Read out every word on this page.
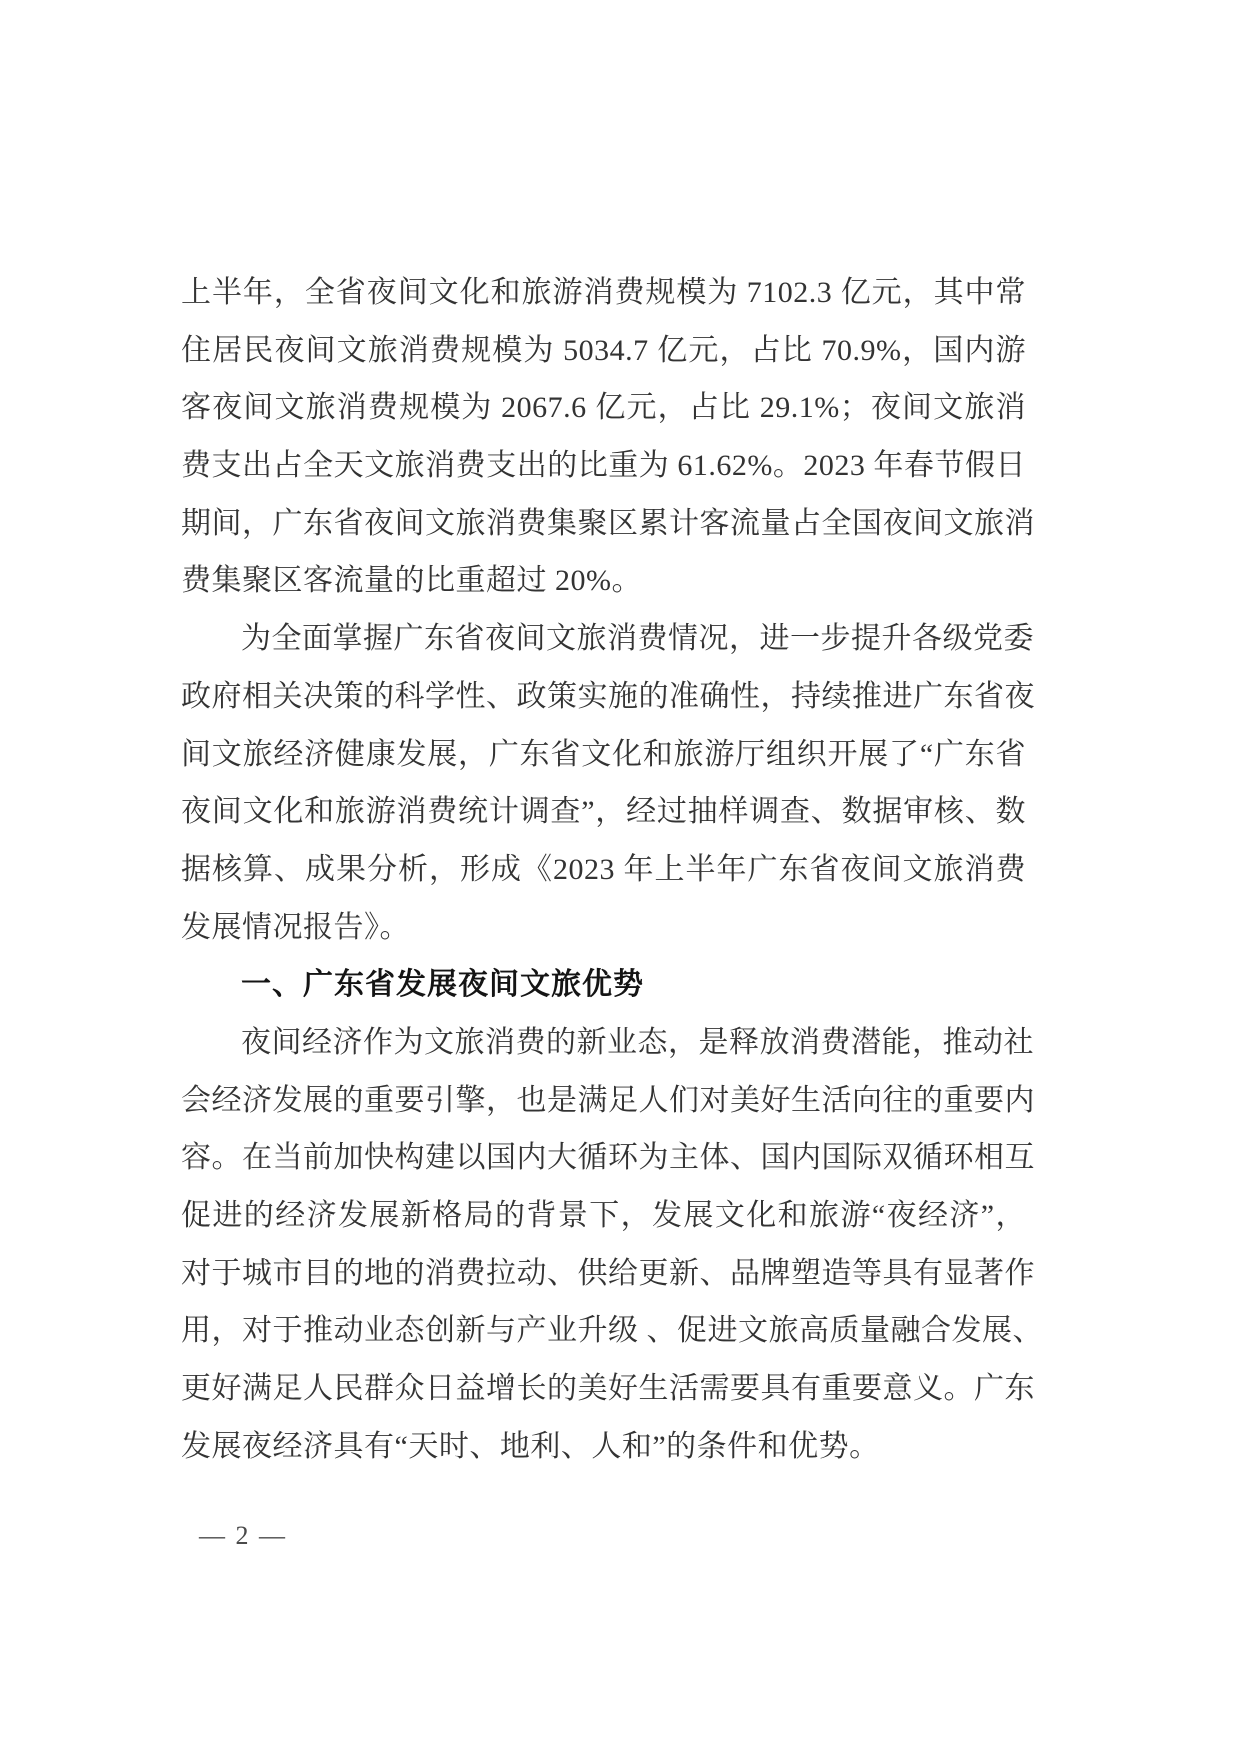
上半年，全省夜间文化和旅游消费规模为 7102.3 亿元，其中常
住居民夜间文旅消费规模为 5034.7 亿元，占比 70.9%，国内游
客夜间文旅消费规模为 2067.6 亿元，占比 29.1%；夜间文旅消
费支出占全天文旅消费支出的比重为 61.62%。2023 年春节假日
期间，广东省夜间文旅消费集聚区累计客流量占全国夜间文旅消
费集聚区客流量的比重超过 20%。
为全面掌握广东省夜间文旅消费情况，进一步提升各级党委
政府相关决策的科学性、政策实施的准确性，持续推进广东省夜
间文旅经济健康发展，广东省文化和旅游厅组织开展了“广东省
夜间文化和旅游消费统计调查”，经过抽样调查、数据审核、数
据核算、成果分析，形成《2023 年上半年广东省夜间文旅消费
发展情况报告》。
一、广东省发展夜间文旅优势
夜间经济作为文旅消费的新业态，是释放消费潜能，推动社
会经济发展的重要引擎，也是满足人们对美好生活向往的重要内
容。在当前加快构建以国内大循环为主体、国内国际双循环相互
促进的经济发展新格局的背景下，发展文化和旅游“夜经济”，
对于城市目的地的消费拉动、供给更新、品牌塑造等具有显著作
用，对于推动业态创新与产业升级 、促进文旅高质量融合发展、
更好满足人民群众日益增长的美好生活需要具有重要意义。广东
发展夜经济具有“天时、地利、人和”的条件和优势。
— 2 —
